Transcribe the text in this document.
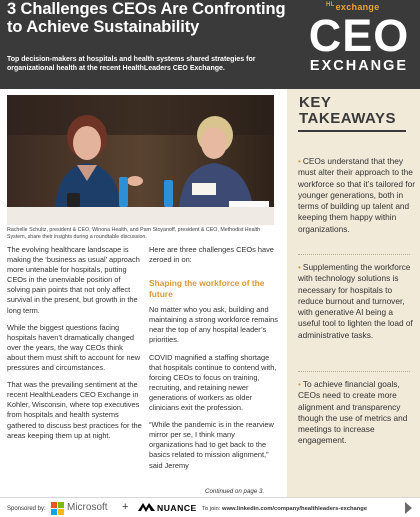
3 Challenges CEOs Are Confronting to Achieve Sustainability
Top decision-makers at hospitals and health systems shared strategies for organizational health at the recent HealthLeaders CEO Exchange.
$^{HL}$exchange
CEO
EXCHANGE
Rachelle Schultz, president & CEO, Winona Health, and Pam Stoyanoff, president & CEO, Methodist Health System, share their insights during a roundtable discussion.

The evolving healthcare landscape is making the ‘business as usual’ approach more untenable for hospitals, putting CEOs in the unenviable position of solving pain points that not only affect survival in the present, but growth in the long term.

While the biggest questions facing hospitals haven’t dramatically changed over the years, the way CEOs think about them must shift to account for new pressures and circumstances.

That was the prevailing sentiment at the recent HealthLeaders CEO Exchange in Kohler, Wisconsin, where top executives from hospitals and health systems gathered to discuss best practices for the areas keeping them up at night.

Here are three challenges CEOs have zeroed in on:

Shaping the workforce of the future

No matter who you ask, building and maintaining a strong workforce remains near the top of any hospital leader’s priorities.

COVID magnified a staffing shortage that hospitals continue to contend with, forcing CEOs to focus on training, recruiting, and retaining newer generations of workers as older clinicians exit the profession.

“While the pandemic is in the rearview mirror per se, I think many organizations had to get back to the basics related to mission alignment,” said Jeremy

Continued on page 3.
KEY TAKEAWAYS
• CEOs understand that they must alter their approach to the workforce so that it’s tailored for younger generations, both in terms of building up talent and keeping them happy within organizations.
• Supplementing the workforce with technology solutions is necessary for hospitals to reduce burnout and turnover, with generative AI being a useful tool to lighten the load of administrative tasks.
• To achieve financial goals, CEOs need to create more alignment and transparency though the use of metrics and meetings to increase engagement.
Sponsored by: Microsoft +	NUANCE To join: www.linkedin.com/company/healthleaders-exchange
